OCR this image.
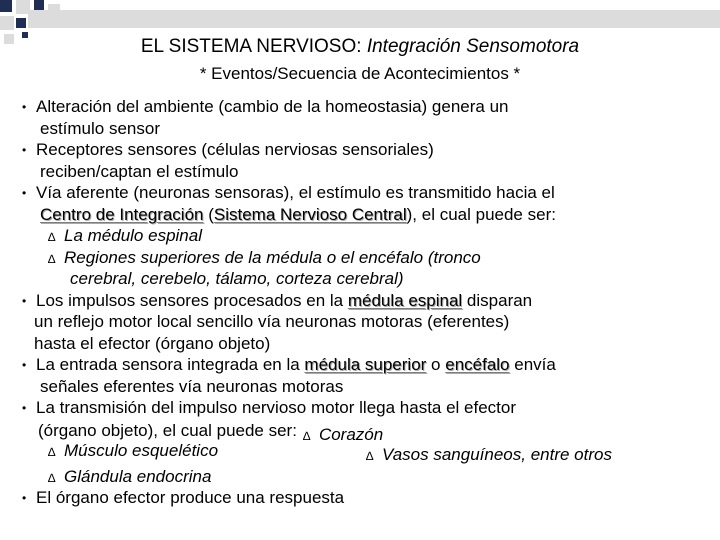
EL SISTEMA NERVIOSO: Integración Sensomotora
* Eventos/Secuencia de Acontecimientos *
• Alteración del ambiente (cambio de la homeostasia) genera un
estímulo sensor
• Receptores sensores (células nerviosas sensoriales)
reciben/captan el estímulo
• Vía aferente (neuronas sensoras), el estímulo es transmitido hacia el
Centro de Integración (Sistema Nervioso Central), el cual puede ser:
∆ La médulo espinal
∆ Regiones superiores de la médula o el encéfalo (tronco
cerebral, cerebelo, tálamo, corteza cerebral)
• Los impulsos sensores procesados en la médula espinal disparan
un reflejo motor local sencillo vía neuronas motoras (eferentes)
hasta el efector (órgano objeto)
• La entrada sensora integrada en la médula superior o encéfalo envía
señales eferentes vía neuronas motoras
• La transmisión del impulso nervioso motor llega hasta el efector
(órgano objeto), el cual puede ser: ∆ Corazón
∆ Músculo esquelético	∆ Vasos sanguíneos, entre otros
∆ Glándula endocrina
• El órgano efector produce una respuesta
